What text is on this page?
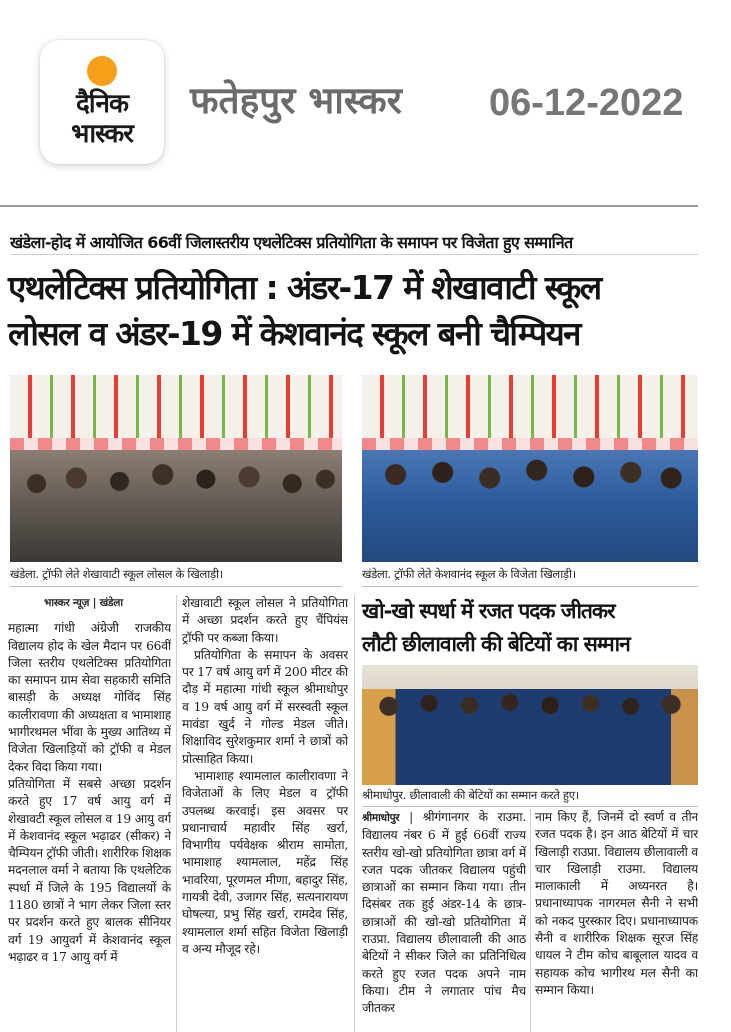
दैनिक
भास्कर
फतेहपुर भास्कर 06-12-2022
खंडेला-होद में आयोजित 66वीं जिलास्तरीय एथलेटिक्स प्रतियोगिता के समापन पर विजेता हुए सम्मानित
एथलेटिक्स प्रतियोगिता : अंडर-17 में शेखावाटी स्कूल
लोसल व अंडर-19 में केशवानंद स्कूल बनी चैम्पियन
खंडेला. ट्रॉफी लेते शेखावाटी स्कूल लोसल के खिलाड़ी।	खंडेला. ट्रॉफी लेते केशवानंद स्कूल के विजेता खिलाड़ी।
भास्कर न्यूज़ | खंडेला

महात्मा गांधी अंग्रेजी राजकीय विद्यालय होद के खेल मैदान पर 66वीं जिला स्तरीय एथलेटिक्स प्रतियोगिता का समापन ग्राम सेवा सहकारी समिति बासड़ी के अध्यक्ष गोविंद सिंह कालीरावणा की अध्यक्षता व भामाशाह भागीरथमल भींवा के मुख्य आतिथ्य में विजेता खिलाड़ियों को ट्रॉफी व मेडल देकर विदा किया गया।

प्रतियोगिता में सबसे अच्छा प्रदर्शन करते हुए 17 वर्ष आयु वर्ग में शेखावटी स्कूल लोसल व 19 आयु वर्ग में केशवानंद स्कूल भढ़ाढर (सीकर) ने चैम्पियन ट्रॉफी जीती। शारीरिक शिक्षक मदनलाल वर्मा ने बताया कि एथलेटिक स्पर्धा में जिले के 195 विद्यालयों के 1180 छात्रों ने भाग लेकर जिला स्तर पर प्रदर्शन करते हुए बालक सीनियर वर्ग 19 आयुवर्ग में केशवानंद स्कूल भढ़ाढर व 17 आयु वर्ग में

शेखावाटी स्कूल लोसल ने प्रतियोगिता में अच्छा प्रदर्शन करते हुए चैंपियंस ट्रॉफी पर कब्जा किया।

प्रतियोगिता के समापन के अवसर पर 17 वर्ष आयु वर्ग में 200 मीटर की दौड़ में महात्मा गांधी स्कूल श्रीमाधोपुर व 19 वर्ष आयु वर्ग में सरस्वती स्कूल मावंडा खुर्द ने गोल्ड मेडल जीते। शिक्षाविद सुरेशकुमार शर्मा ने छात्रों को प्रोत्साहित किया।

भामाशाह श्यामलाल कालीरावणा ने विजेताओं के लिए मेडल व ट्रॉफी उपलब्ध करवाई। इस अवसर पर प्रधानाचार्य महावीर सिंह खर्रा, विभागीय पर्यवेक्षक श्रीराम सामोता, भामाशाह श्यामलाल, महेंद्र सिंह भावरिया, पूरणमल मीणा, बहादुर सिंह, गायत्री देवी, उजागर सिंह, सत्यनारायण घोषल्या, प्रभु सिंह खर्रा, रामदेव सिंह, श्यामलाल शर्मा सहित विजेता खिलाड़ी व अन्य मौजूद रहे।

खो-खो स्पर्धा में रजत पदक जीतकर
लौटी छीलावाली की बेटियों का सम्मान
श्रीमाधोपुर. छीलावाली की बेटियों का सम्मान करते हुए।

श्रीमाधोपुर | श्रीगंगानगर के राउमा. विद्यालय नंबर 6 में हुई 66वीं राज्य स्तरीय खो-खो प्रतियोगिता छात्रा वर्ग में रजत पदक जीतकर विद्यालय पहुंची छात्राओं का सम्मान किया गया। तीन दिसंबर तक हुई अंडर-14 के छात्र-छात्राओं की खो-खो प्रतियोगिता में राउप्रा. विद्यालय छीलावाली की आठ बेटियों ने सीकर जिले का प्रतिनिधित्व करते हुए रजत पदक अपने नाम किया। टीम ने लगातार पांच मैच जीतकर

नाम किए हैं, जिनमें दो स्वर्ण व तीन रजत पदक है। इन आठ बेटियों में चार खिलाड़ी राउप्रा. विद्यालय छीलावाली व चार खिलाड़ी राउमा. विद्यालय मालाकाली में अध्यनरत है। प्रधानाध्यापक नागरमल सैनी ने सभी को नकद पुरस्कार दिए। प्रधानाध्यापक सैनी व शारीरिक शिक्षक सूरज सिंह धायल ने टीम कोच बाबूलाल यादव व सहायक कोच भागीरथ मल सैनी का सम्मान किया।
